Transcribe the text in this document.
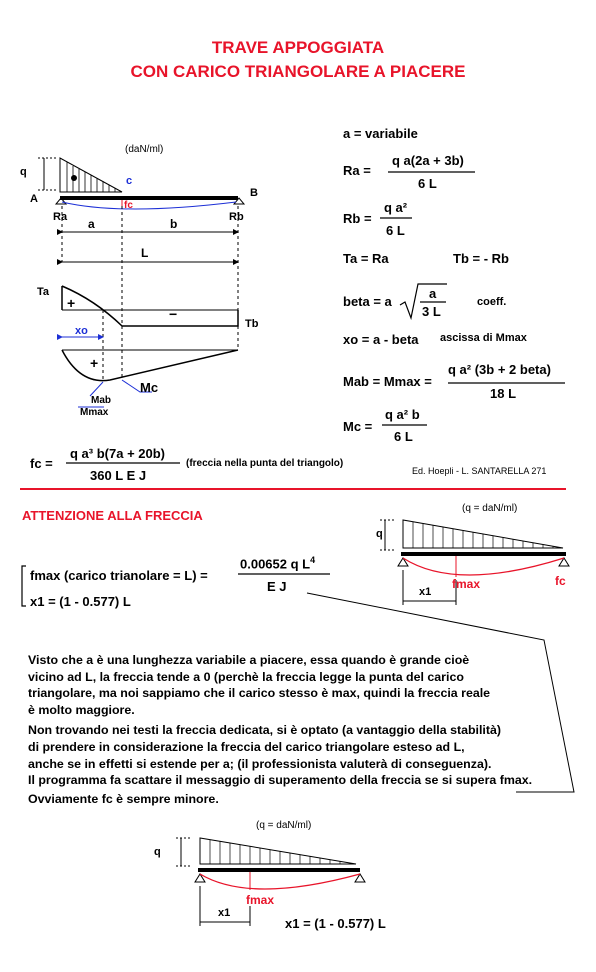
TRAVE APPOGGIATA
CON CARICO TRIANGOLARE A PIACERE
(daN/ml)
q
A	B
c
fc
Ra	Rb
a	b
L
Ta
+
−
Tb
xo
+
Mc
Mab
Mmax
a = variabile
Ra =
q a(2a + 3b)
6 L
Rb =
q a²
6 L
Ta = Ra	Tb = - Rb
beta = a
a
3 L
coeff.
xo = a - beta ascissa di Mmax
Mab = Mmax =
q a² (3b + 2 beta)
18 L
Mc =
q a² b
6 L
fc =
q a³ b(7a + 20b)
360 L E J
(freccia nella punta del triangolo)
Ed. Hoepli - L. SANTARELLA 271
ATTENZIONE ALLA FRECCIA
fmax (carico trianolare = L) =
0.00652 q $L^4$
E J
x1 = (1 - 0.577) L
(q = daN/ml)
q
fmax	fc
x1
Visto che a è una lunghezza variabile a piacere, essa quando è grande cioè
vicino ad L, la freccia tende a 0 (perchè la freccia legge la punta del carico
triangolare, ma noi sappiamo che il carico stesso è max, quindi la freccia reale
è molto maggiore.
Non trovando nei testi la freccia dedicata, si è optato (a vantaggio della stabilità)
di prendere in considerazione la freccia del carico triangolare esteso ad L,
anche se in effetti si estende per a; (il professionista valuterà di conseguenza).
Il programma fa scattare il messaggio di superamento della freccia se si supera fmax.
Ovviamente fc è sempre minore.
(q = daN/ml)
q
fmax
x1
x1 = (1 - 0.577) L
